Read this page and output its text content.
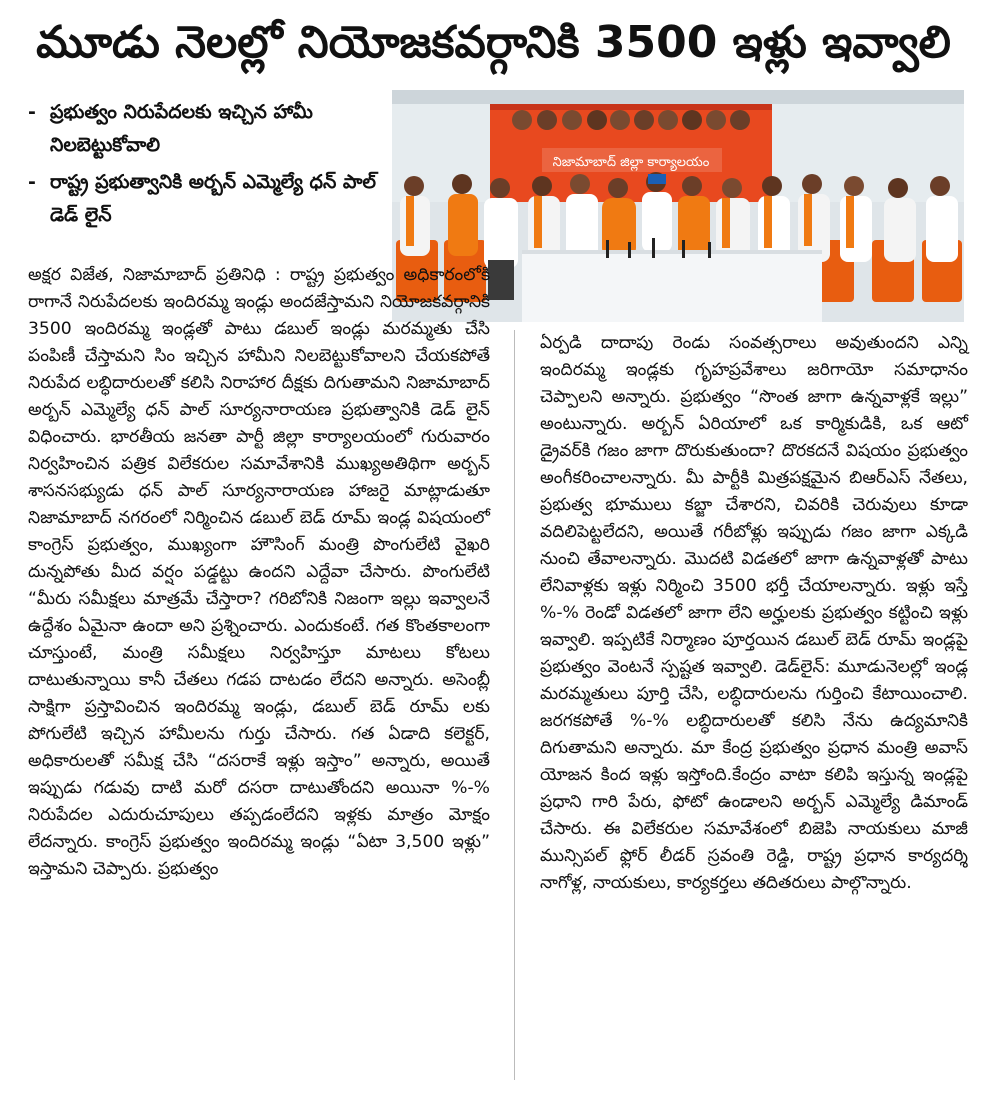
మూడు నెలల్లో నియోజకవర్గానికి 3500 ఇళ్లు ఇవ్వాలి
- ప్రభుత్వం నిరుపేదలకు ఇచ్చిన హామీ నిలబెట్టుకోవాలి
- రాష్ట్ర ప్రభుత్వానికి అర్బన్ ఎమ్మెల్యే ధన్ పాల్ డెడ్ లైన్
నిజామాబాద్ జిల్లా కార్యాలయం

అక్షర విజేత, నిజామాబాద్ ప్రతినిధి : రాష్ట్ర ప్రభుత్వం అధికారంలోకి రాగానే నిరుపేదలకు ఇందిరమ్మ ఇండ్లు అందజేస్తామని నియోజకవర్గానికి 3500 ఇందిరమ్మ ఇండ్లతో పాటు డబుల్ ఇండ్లు మరమ్మతు చేసి పంపిణీ చేస్తామని సిం ఇచ్చిన హామీని నిలబెట్టుకోవాలని చేయకపోతే నిరుపేద లబ్ధిదారులతో కలిసి నిరాహార దీక్షకు దిగుతామని నిజామాబాద్ అర్బన్ ఎమ్మెల్యే ధన్ పాల్ సూర్యనారాయణ ప్రభుత్వానికి డెడ్ లైన్ విధించారు. భారతీయ జనతా పార్టీ జిల్లా కార్యాలయంలో గురువారం నిర్వహించిన పత్రిక విలేకరుల సమావేశానికి ముఖ్యఅతిథిగా అర్బన్ శాసనసభ్యుడు ధన్ పాల్ సూర్యనారాయణ హాజరై మాట్లాడుతూ నిజామాబాద్ నగరంలో నిర్మించిన డబుల్ బెడ్ రూమ్ ఇండ్ల విషయంలో కాంగ్రెస్ ప్రభుత్వం, ముఖ్యంగా హౌసింగ్ మంత్రి పొంగులేటి వైఖరి దున్నపోతు మీద వర్షం పడ్డట్టు ఉందని ఎద్దేవా చేసారు. పొంగులేటి “మీరు సమీక్షలు మాత్రమే చేస్తారా? గరిబోనికి నిజంగా ఇల్లు ఇవ్వాలనే ఉద్దేశం ఏమైనా ఉందా అని ప్రశ్నించారు. ఎందుకంటే. గత కొంతకాలంగా చూస్తుంటే, మంత్రి సమీక్షలు నిర్వహిస్తూ మాటలు కోటలు దాటుతున్నాయి కానీ చేతలు గడప దాటడం లేదని అన్నారు. అసెంబ్లీ సాక్షిగా ప్రస్తావించిన ఇందిరమ్మ ఇండ్లు, డబుల్ బెడ్ రూమ్ లకు పోగులేటి ఇచ్చిన హామీలను గుర్తు చేసారు. గత ఏడాది కలెక్టర్, అధికారులతో సమీక్ష చేసి “దసరాకే ఇళ్లు ఇస్తాం” అన్నారు, అయితే ఇప్పుడు గడువు దాటి మరో దసరా దాటుతోందని అయినా %-% నిరుపేదల ఎదురుచూపులు తప్పడంలేదని ఇళ్లకు మాత్రం మోక్షం లేదన్నారు. కాంగ్రెస్ ప్రభుత్వం ఇందిరమ్మ ఇండ్లు “ఏటా 3,500 ఇళ్లు” ఇస్తామని చెప్పారు. ప్రభుత్వం

ఏర్పడి దాదాపు రెండు సంవత్సరాలు అవుతుందని ఎన్ని ఇందిరమ్మ ఇండ్లకు గృహప్రవేశాలు జరిగాయో సమాధానం చెప్పాలని అన్నారు. ప్రభుత్వం “సొంత జాగా ఉన్నవాళ్లకే ఇల్లు” అంటున్నారు. అర్బన్ ఏరియాలో ఒక కార్మికుడికి, ఒక ఆటో డ్రైవర్‌కి గజం జాగా దొరుకుతుందా? దొరకదనే విషయం ప్రభుత్వం అంగీకరించాలన్నారు. మీ పార్టీకి మిత్రపక్షమైన బిఆర్ఎస్ నేతలు, ప్రభుత్వ భూములు కబ్జా చేశారని, చివరికి చెరువులు కూడా వదిలిపెట్టలేదని, అయితే గరీబోళ్లు ఇప్పుడు గజం జాగా ఎక్కడి నుంచి తేవాలన్నారు. మొదటి విడతలో జాగా ఉన్నవాళ్లతో పాటు లేనివాళ్లకు ఇళ్లు నిర్మించి 3500 భర్తీ చేయాలన్నారు. ఇళ్లు ఇస్తే %-% రెండో విడతలో జాగా లేని అర్హులకు ప్రభుత్వం కట్టించి ఇళ్లు ఇవ్వాలి. ఇప్పటికే నిర్మాణం పూర్తయిన డబుల్ బెడ్ రూమ్ ఇండ్లపై ప్రభుత్వం వెంటనే స్పష్టత ఇవ్వాలి. డెడ్‌లైన్: మూడునెలల్లో ఇండ్ల మరమ్మతులు పూర్తి చేసి, లబ్ధిదారులను గుర్తించి కేటాయించాలి. జరగకపోతే %-% లబ్ధిదారులతో కలిసి నేను ఉద్యమానికి దిగుతామని అన్నారు. మా కేంద్ర ప్రభుత్వం ప్రధాన మంత్రి అవాస్ యోజన కింద ఇళ్లు ఇస్తోంది.కేంద్రం వాటా కలిపి ఇస్తున్న ఇండ్లపై ప్రధాని గారి పేరు, ఫోటో ఉండాలని అర్బన్ ఎమ్మెల్యే డిమాండ్ చేసారు. ఈ విలేకరుల సమావేశంలో బిజెపి నాయకులు మాజీ మున్సిపల్ ఫ్లోర్ లీడర్ స్రవంతి రెడ్డి, రాష్ట్ర ప్రధాన కార్యదర్శి నాగోళ్ల, నాయకులు, కార్యకర్తలు తదితరులు పాల్గొన్నారు.
